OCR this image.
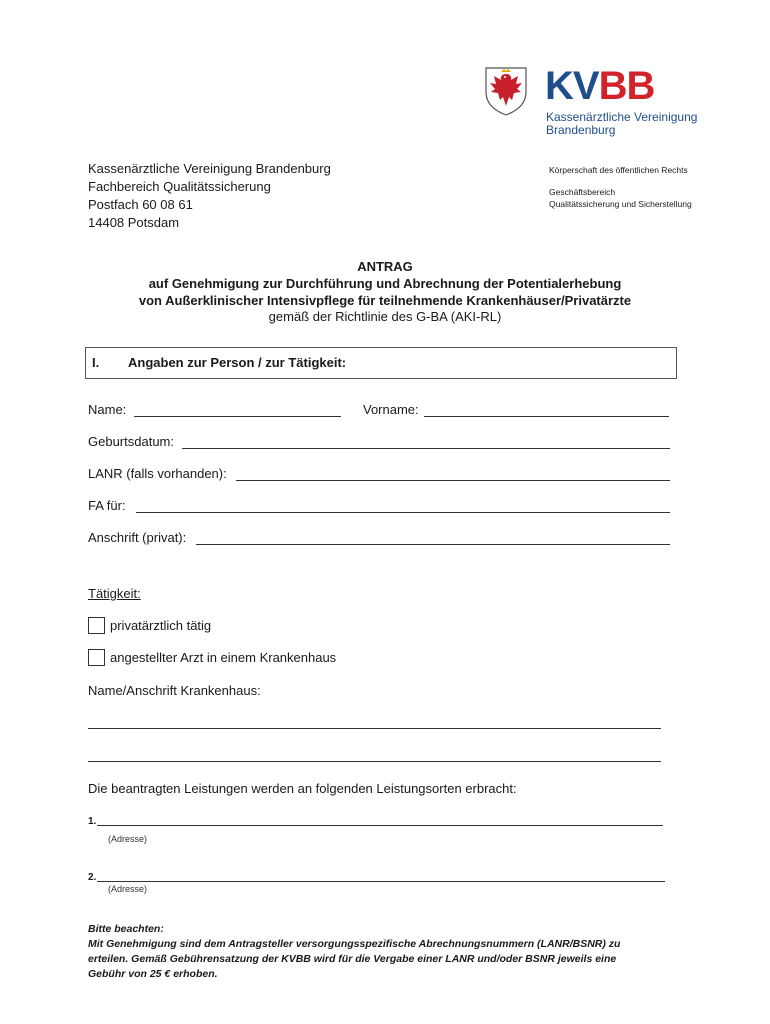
KVBB
Kassenärztliche Vereinigung
Brandenburg
Kassenärztliche Vereinigung Brandenburg
Fachbereich Qualitätssicherung
Postfach 60 08 61
14408 Potsdam
Körperschaft des öffentlichen Rechts
Geschäftsbereich
Qualitätssicherung und Sicherstellung
ANTRAG
auf Genehmigung zur Durchführung und Abrechnung der Potentialerhebung
von Außerklinischer Intensivpflege für teilnehmende Krankenhäuser/Privatärzte
gemäß der Richtlinie des G-BA (AKI-RL)
I. Angaben zur Person / zur Tätigkeit:
Name:	Vorname:
Geburtsdatum:
LANR (falls vorhanden):
FA für:
Anschrift (privat):
Tätigkeit:
privatärztlich tätig
angestellter Arzt in einem Krankenhaus
Name/Anschrift Krankenhaus:
Die beantragten Leistungen werden an folgenden Leistungsorten erbracht:
1.
(Adresse)
2.
(Adresse)
Bitte beachten:
Mit Genehmigung sind dem Antragsteller versorgungsspezifische Abrechnungsnummern (LANR/BSNR) zu
erteilen. Gemäß Gebührensatzung der KVBB wird für die Vergabe einer LANR und/oder BSNR jeweils eine
Gebühr von 25 € erhoben.
